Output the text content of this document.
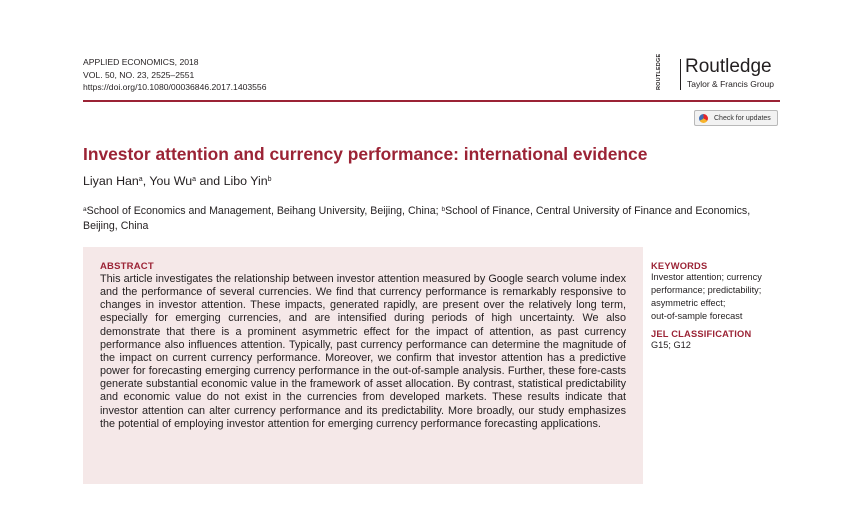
APPLIED ECONOMICS, 2018
VOL. 50, NO. 23, 2525–2551
https://doi.org/10.1080/00036846.2017.1403556	ROUTLEDGE Routledge
Taylor & Francis Group
Check for updates
Investor attention and currency performance: international evidence
Liyan Han$^a$, You Wu$^a$ and Libo Yin$^b$
$^a$School of Economics and Management, Beihang University, Beijing, China; $^b$School of Finance, Central University of Finance and Economics, Beijing, China
ABSTRACT
This article investigates the relationship between investor attention measured by Google search volume index and the performance of several currencies. We find that currency performance is remarkably responsive to changes in investor attention. These impacts, generated rapidly, are present over the relatively long term, especially for emerging currencies, and are intensified during periods of high uncertainty. We also demonstrate that there is a prominent asymmetric effect for the impact of attention, as past currency performance also influences attention. Typically, past currency performance can determine the magnitude of the impact on current currency performance. Moreover, we confirm that investor attention has a predictive power for forecasting emerging currency performance in the out-of-sample analysis. Further, these fore-casts generate substantial economic value in the framework of asset allocation. By contrast, statistical predictability and economic value do not exist in the currencies from developed markets. These results indicate that investor attention can alter currency performance and its predictability. More broadly, our study emphasizes the potential of employing investor attention for emerging currency performance forecasting applications.
KEYWORDS
Investor attention; currency
performance; predictability;
asymmetric effect;
out-of-sample forecast
JEL CLASSIFICATION
G15; G12
